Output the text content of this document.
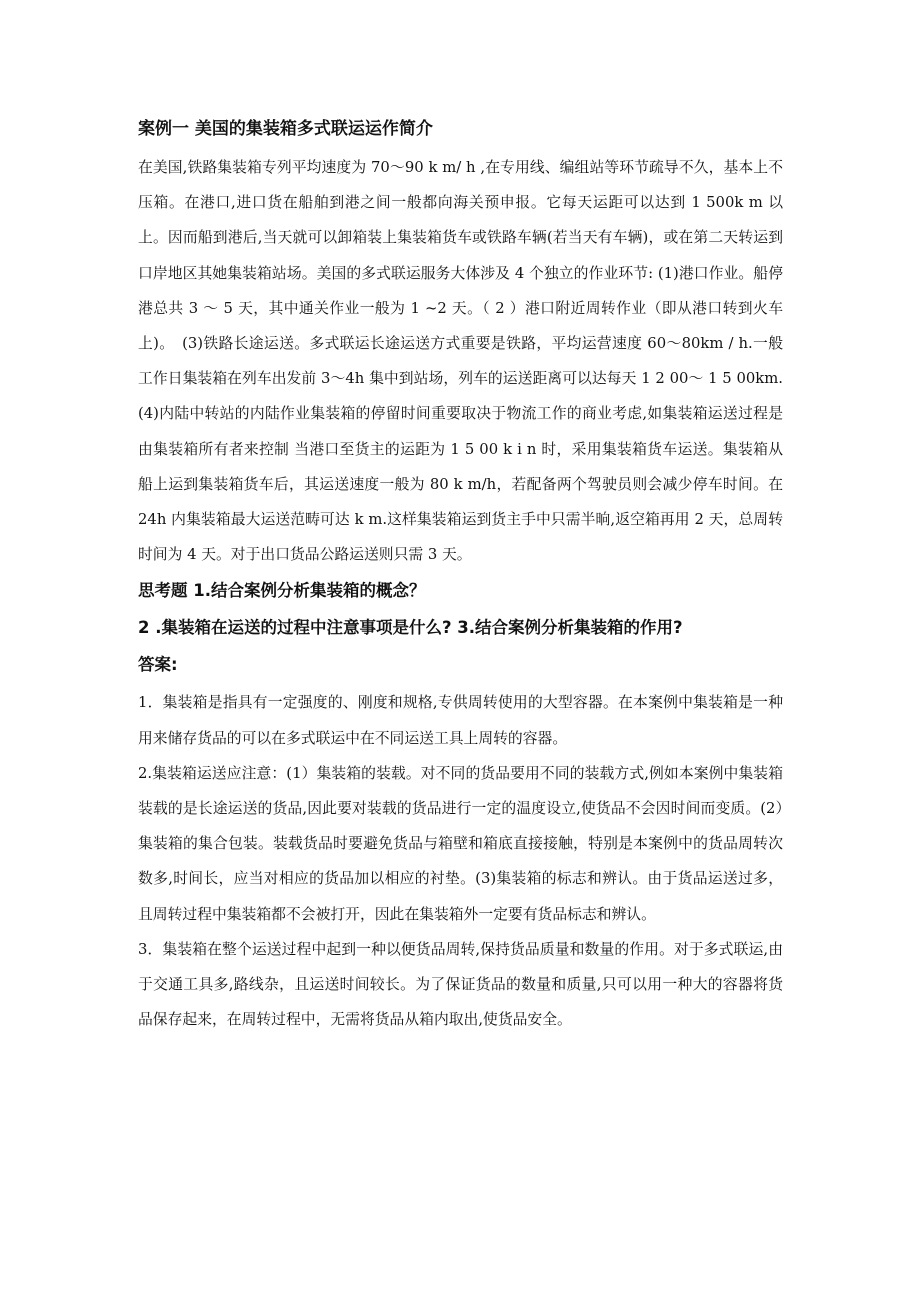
案例一 美国的集装箱多式联运运作简介

在美国,铁路集装箱专列平均速度为 70～90 k m/ h ,在专用线、编组站等环节疏导不久，基本上不压箱。在港口,进口货在船舶到港之间一般都向海关预申报。它每天运距可以达到 1 500k m 以上。因而船到港后,当天就可以卸箱装上集装箱货车或铁路车辆(若当天有车辆)，或在第二天转运到口岸地区其她集装箱站场。美国的多式联运服务大体涉及 4 个独立的作业环节: (1)港口作业。船停港总共 3 ～ 5 天，其中通关作业一般为 1 ~2 天。（ 2 ）港口附近周转作业（即从港口转到火车上)。　(3)铁路长途运送。多式联运长途运送方式重要是铁路，平均运营速度 60～80km / h.一般工作日集装箱在列车出发前 3～4h 集中到站场，列车的运送距离可以达每天 1 2 00～ 1 5 00km. (4)内陆中转站的内陆作业集装箱的停留时间重要取决于物流工作的商业考虑,如集装箱运送过程是由集装箱所有者来控制 当港口至货主的运距为 1 5 00 k i n 时，采用集装箱货车运送。集装箱从船上运到集装箱货车后，其运送速度一般为 80 k m/h，若配备两个驾驶员则会减少停车时间。在 24h 内集装箱最大运送范畴可达 k m.这样集装箱运到货主手中只需半晌,返空箱再用 2 天，总周转时间为 4 天。对于出口货品公路运送则只需 3 天。

思考题 1.结合案例分析集装箱的概念？

2 .集装箱在运送的过程中注意事项是什么? 3.结合案例分析集装箱的作用?

答案:

1．集装箱是指具有一定强度的、刚度和规格,专供周转使用的大型容器。在本案例中集装箱是一种用来储存货品的可以在多式联运中在不同运送工具上周转的容器。

2.集装箱运送应注意：(1）集装箱的装载。对不同的货品要用不同的装载方式,例如本案例中集装箱装载的是长途运送的货品,因此要对装载的货品进行一定的温度设立,使货品不会因时间而变质。(2）集装箱的集合包装。装载货品时要避免货品与箱壁和箱底直接接触，特别是本案例中的货品周转次数多,时间长，应当对相应的货品加以相应的衬垫。(3)集装箱的标志和辨认。由于货品运送过多，且周转过程中集装箱都不会被打开，因此在集装箱外一定要有货品标志和辨认。

3．集装箱在整个运送过程中起到一种以便货品周转,保持货品质量和数量的作用。对于多式联运,由于交通工具多,路线杂，且运送时间较长。为了保证货品的数量和质量,只可以用一种大的容器将货品保存起来，在周转过程中，无需将货品从箱内取出,使货品安全。
